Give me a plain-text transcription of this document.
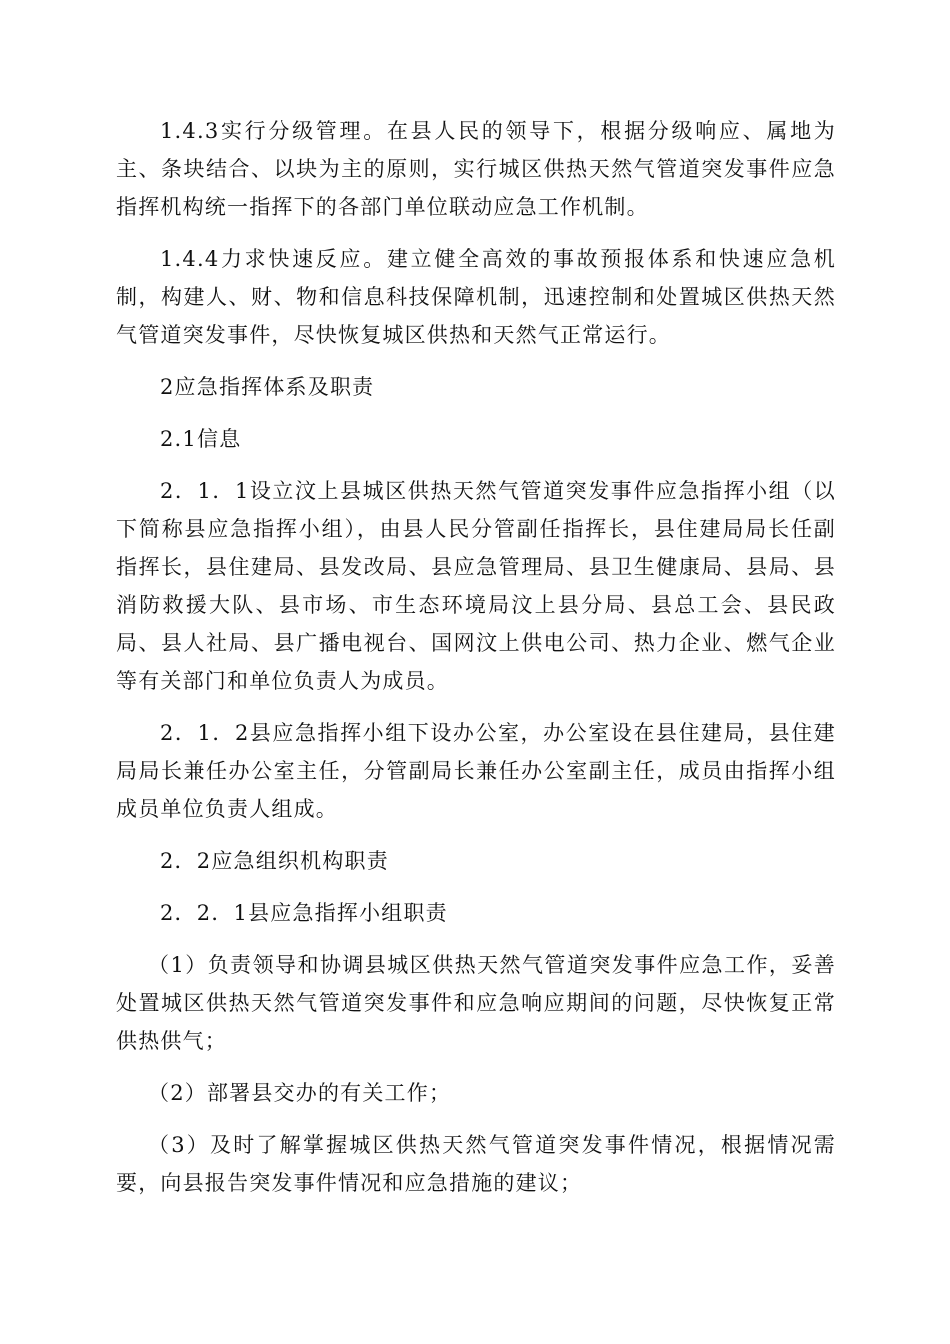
1.4.3实行分级管理。在县人民的领导下，根据分级响应、属地为主、条块结合、以块为主的原则，实行城区供热天然气管道突发事件应急指挥机构统一指挥下的各部门单位联动应急工作机制。

1.4.4力求快速反应。建立健全高效的事故预报体系和快速应急机制，构建人、财、物和信息科技保障机制，迅速控制和处置城区供热天然气管道突发事件，尽快恢复城区供热和天然气正常运行。

2应急指挥体系及职责

2.1信息

2．1．1设立汶上县城区供热天然气管道突发事件应急指挥小组（以下简称县应急指挥小组），由县人民分管副任指挥长，县住建局局长任副指挥长，县住建局、县发改局、县应急管理局、县卫生健康局、县局、县消防救援大队、县市场、市生态环境局汶上县分局、县总工会、县民政局、县人社局、县广播电视台、国网汶上供电公司、热力企业、燃气企业等有关部门和单位负责人为成员。

2．1．2县应急指挥小组下设办公室，办公室设在县住建局，县住建局局长兼任办公室主任，分管副局长兼任办公室副主任，成员由指挥小组成员单位负责人组成。

2．2应急组织机构职责

2．2．1县应急指挥小组职责

（1）负责领导和协调县城区供热天然气管道突发事件应急工作，妥善处置城区供热天然气管道突发事件和应急响应期间的问题，尽快恢复正常供热供气；

（2）部署县交办的有关工作；

（3）及时了解掌握城区供热天然气管道突发事件情况，根据情况需要，向县报告突发事件情况和应急措施的建议；
